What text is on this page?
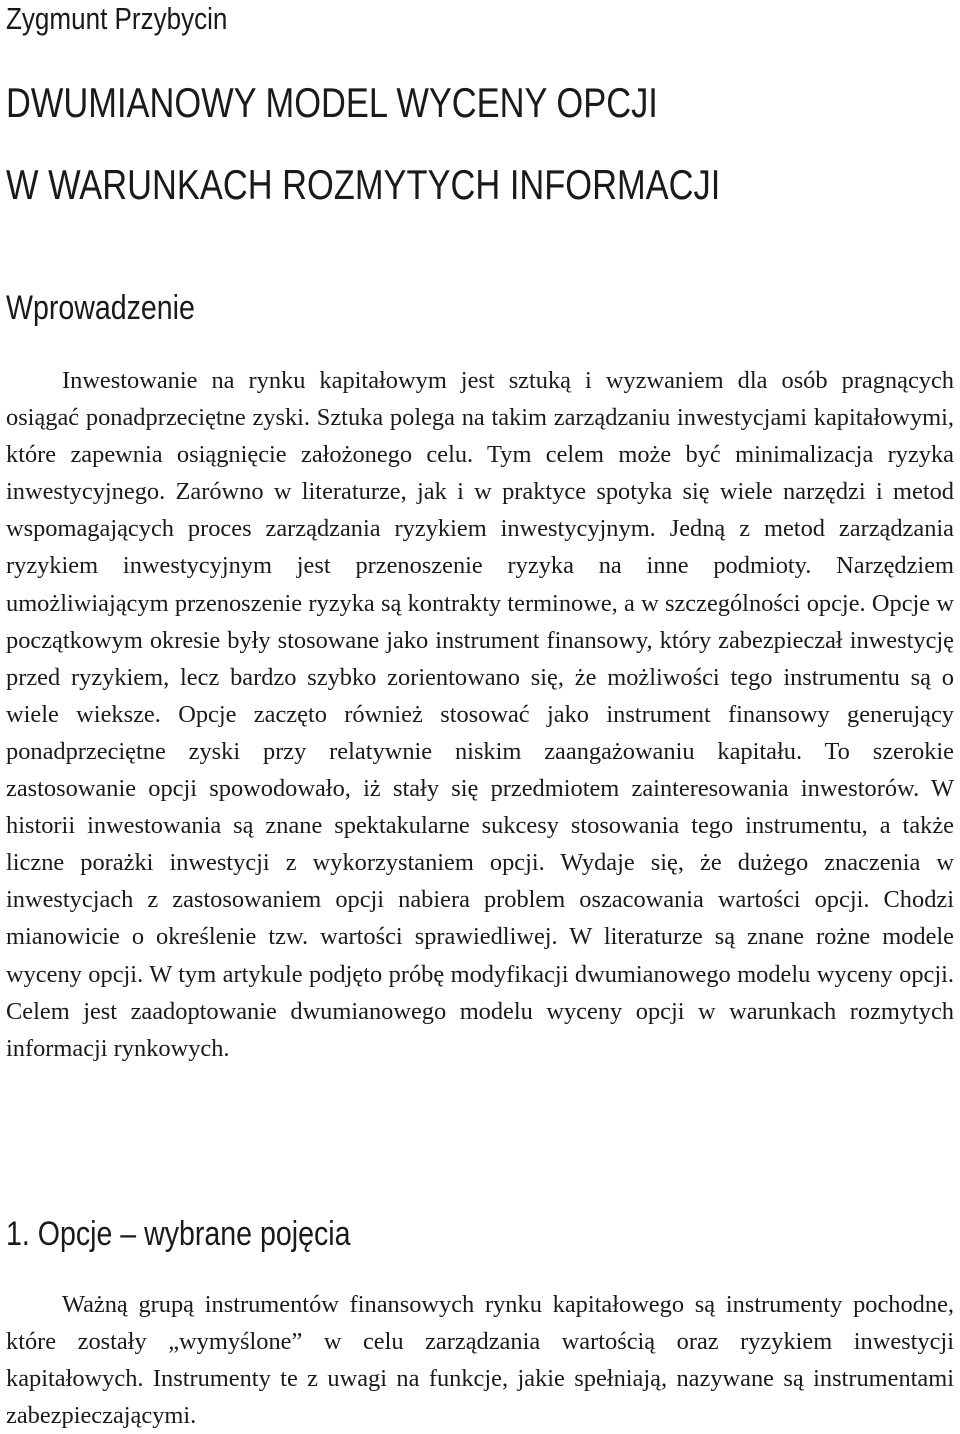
Zygmunt Przybycin
DWUMIANOWY MODEL WYCENY OPCJI
W WARUNKACH ROZMYTYCH INFORMACJI
Wprowadzenie

Inwestowanie na rynku kapitałowym jest sztuką i wyzwaniem dla osób pragnących osiągać ponadprzeciętne zyski. Sztuka polega na takim zarządzaniu inwestycjami kapitałowymi, które zapewnia osiągnięcie założonego celu. Tym celem może być minimalizacja ryzyka inwestycyjnego. Zarówno w literaturze, jak i w praktyce spotyka się wiele narzędzi i metod wspomagających proces zarządzania ryzykiem inwestycyjnym. Jedną z metod zarządzania ryzykiem inwestycyjnym jest przenoszenie ryzyka na inne podmioty. Narzędziem umożliwiającym przenoszenie ryzyka są kontrakty terminowe, a w szczególności opcje. Opcje w początkowym okresie były stosowane jako instrument finansowy, który zabezpieczał inwestycję przed ryzykiem, lecz bardzo szybko zorientowano się, że możliwości tego instrumentu są o wiele wieksze. Opcje zaczęto również stosować jako instrument finansowy generujący ponadprzeciętne zyski przy relatywnie niskim zaangażowaniu kapitału. To szerokie zastosowanie opcji spowodowało, iż stały się przedmiotem zainteresowania inwestorów. W historii inwestowania są znane spektakularne sukcesy stosowania tego instrumentu, a także liczne porażki inwestycji z wykorzystaniem opcji. Wydaje się, że dużego znaczenia w inwestycjach z zastosowaniem opcji nabiera problem oszacowania wartości opcji. Chodzi mianowicie o określenie tzw. wartości sprawiedliwej. W literaturze są znane rożne modele wyceny opcji. W tym artykule podjęto próbę modyfikacji dwumianowego modelu wyceny opcji. Celem jest zaadoptowanie dwumianowego modelu wyceny opcji w warunkach rozmytych informacji rynkowych.

1. Opcje – wybrane pojęcia

Ważną grupą instrumentów finansowych rynku kapitałowego są instrumenty pochodne, które zostały „wymyślone” w celu zarządzania wartością oraz ryzykiem inwestycji kapitałowych. Instrumenty te z uwagi na funkcje, jakie spełniają, nazywane są instrumentami zabezpieczającymi.
